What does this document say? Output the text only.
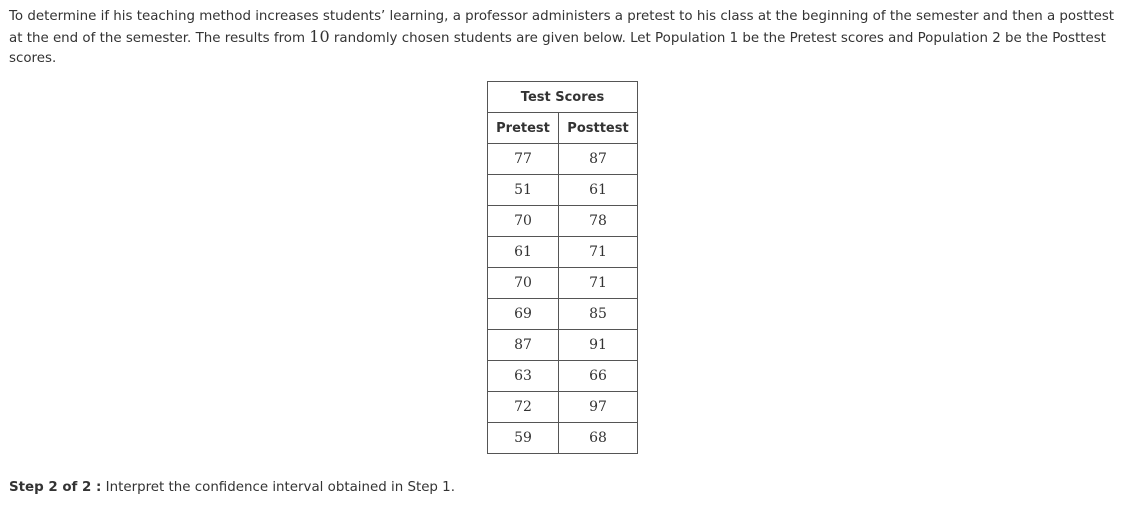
To determine if his teaching method increases students’ learning, a professor administers a pretest to his class at the beginning of the semester and then a posttest at the end of the semester. The results from 10 randomly chosen students are given below. Let Population 1 be the Pretest scores and Population 2 be the Posttest scores.
Test Scores	
Pretest	Posttest
77	87
51	61
70	78
61	71
70	71
69	85
87	91
63	66
72	97
59	68
Step 2 of 2 : Interpret the confidence interval obtained in Step 1.
